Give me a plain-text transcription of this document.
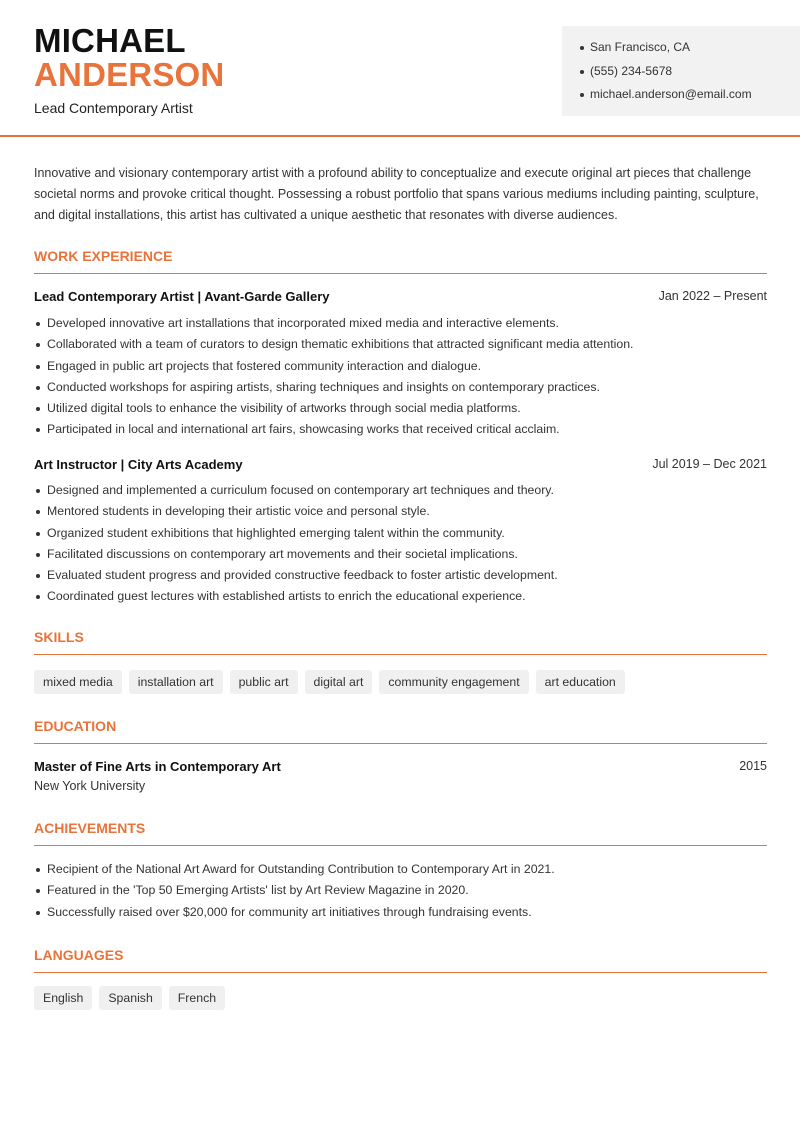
MICHAEL
ANDERSON
Lead Contemporary Artist
San Francisco, CA
(555) 234-5678
michael.anderson@email.com

Innovative and visionary contemporary artist with a profound ability to conceptualize and execute original art pieces that challenge societal norms and provoke critical thought. Possessing a robust portfolio that spans various mediums including painting, sculpture, and digital installations, this artist has cultivated a unique aesthetic that resonates with diverse audiences.

WORK EXPERIENCE
Lead Contemporary Artist | Avant-Garde Gallery	Jan 2022 – Present
Developed innovative art installations that incorporated mixed media and interactive elements.
Collaborated with a team of curators to design thematic exhibitions that attracted significant media attention.
Engaged in public art projects that fostered community interaction and dialogue.
Conducted workshops for aspiring artists, sharing techniques and insights on contemporary practices.
Utilized digital tools to enhance the visibility of artworks through social media platforms.
Participated in local and international art fairs, showcasing works that received critical acclaim.
Art Instructor | City Arts Academy	Jul 2019 – Dec 2021
Designed and implemented a curriculum focused on contemporary art techniques and theory.
Mentored students in developing their artistic voice and personal style.
Organized student exhibitions that highlighted emerging talent within the community.
Facilitated discussions on contemporary art movements and their societal implications.
Evaluated student progress and provided constructive feedback to foster artistic development.
Coordinated guest lectures with established artists to enrich the educational experience.
SKILLS
mixed media	installation art	public art	digital art	community engagement	art education
EDUCATION
Master of Fine Arts in Contemporary Art	2015
New York University
ACHIEVEMENTS
Recipient of the National Art Award for Outstanding Contribution to Contemporary Art in 2021.
Featured in the 'Top 50 Emerging Artists' list by Art Review Magazine in 2020.
Successfully raised over $20,000 for community art initiatives through fundraising events.
LANGUAGES
English	Spanish	French
